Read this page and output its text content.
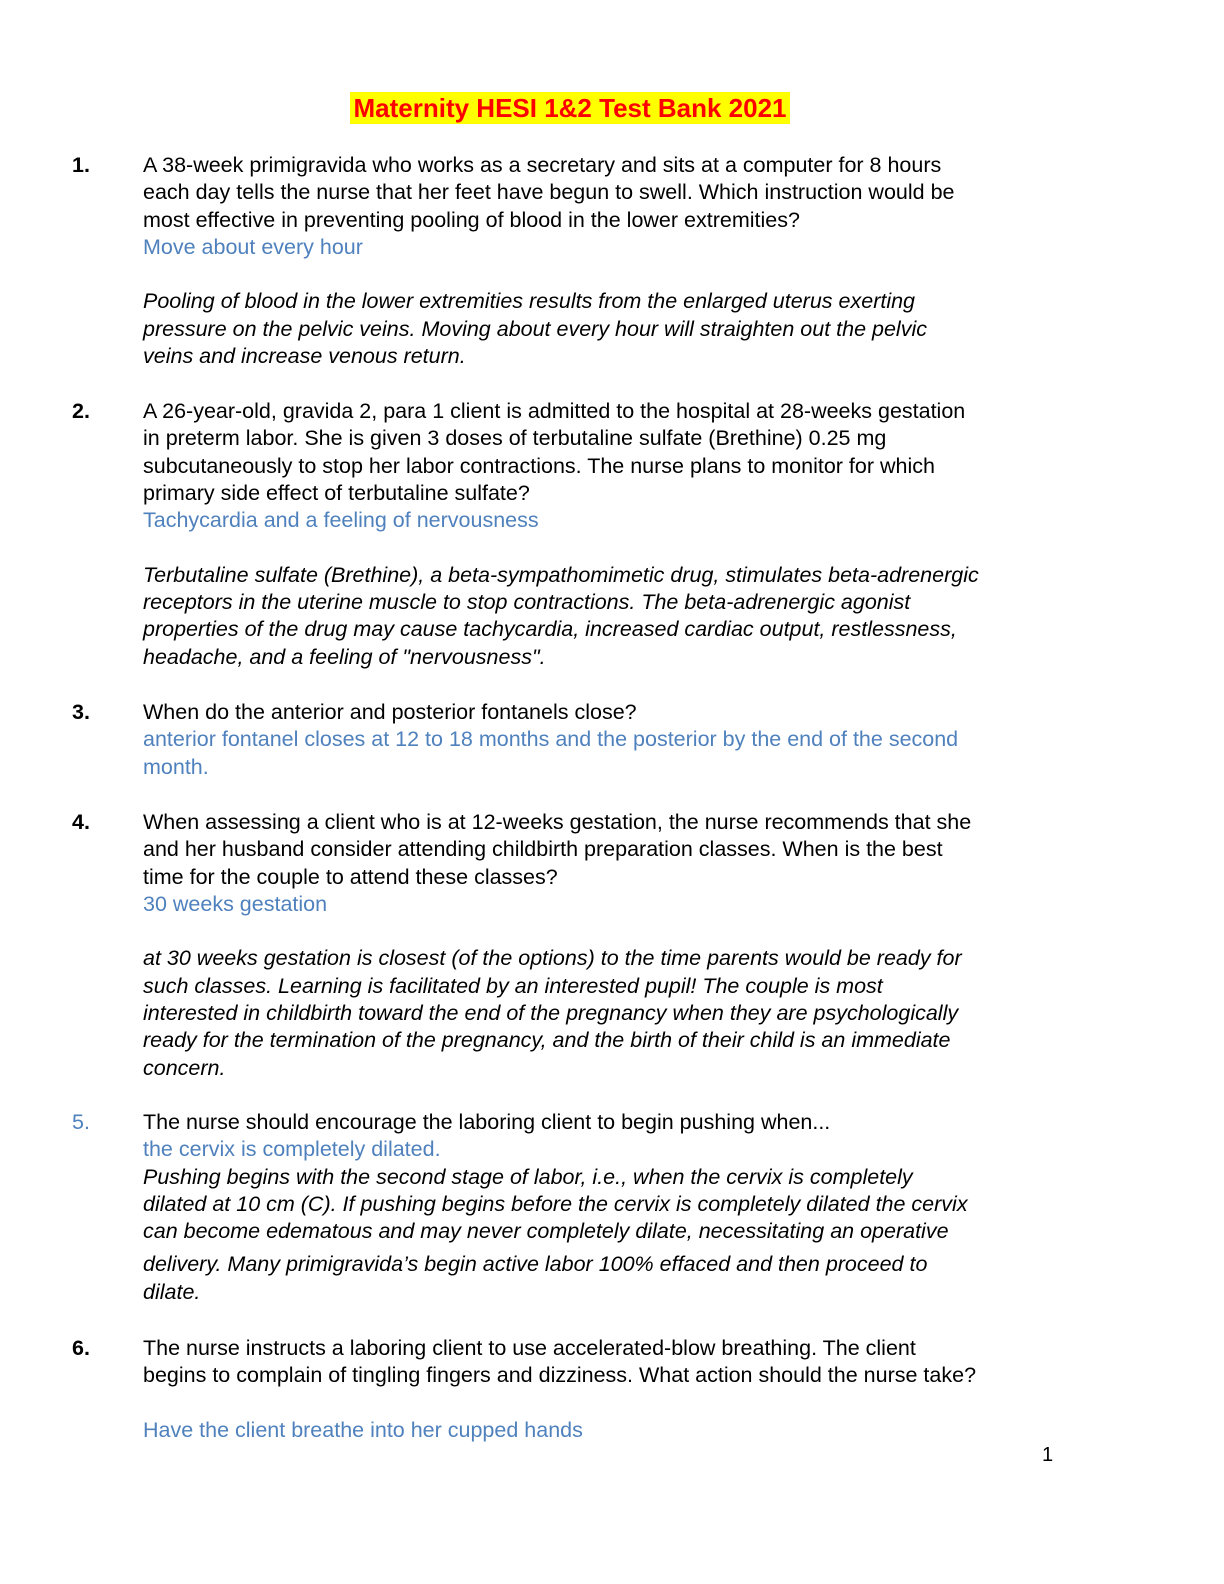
Maternity HESI 1&2 Test Bank 2021
1. A 38-week primigravida who works as a secretary and sits at a computer for 8 hours
each day tells the nurse that her feet have begun to swell. Which instruction would be
most effective in preventing pooling of blood in the lower extremities?
Move about every hour
Pooling of blood in the lower extremities results from the enlarged uterus exerting
pressure on the pelvic veins. Moving about every hour will straighten out the pelvic
veins and increase venous return.
2. A 26-year-old, gravida 2, para 1 client is admitted to the hospital at 28-weeks gestation
in preterm labor. She is given 3 doses of terbutaline sulfate (Brethine) 0.25 mg
subcutaneously to stop her labor contractions. The nurse plans to monitor for which
primary side effect of terbutaline sulfate?
Tachycardia and a feeling of nervousness
Terbutaline sulfate (Brethine), a beta-sympathomimetic drug, stimulates beta-adrenergic
receptors in the uterine muscle to stop contractions. The beta-adrenergic agonist
properties of the drug may cause tachycardia, increased cardiac output, restlessness,
headache, and a feeling of "nervousness".
3. When do the anterior and posterior fontanels close?
anterior fontanel closes at 12 to 18 months and the posterior by the end of the second
month.
4. When assessing a client who is at 12-weeks gestation, the nurse recommends that she
and her husband consider attending childbirth preparation classes. When is the best
time for the couple to attend these classes?
30 weeks gestation
at 30 weeks gestation is closest (of the options) to the time parents would be ready for
such classes. Learning is facilitated by an interested pupil! The couple is most
interested in childbirth toward the end of the pregnancy when they are psychologically
ready for the termination of the pregnancy, and the birth of their child is an immediate
concern.
5. The nurse should encourage the laboring client to begin pushing when...
the cervix is completely dilated.
Pushing begins with the second stage of labor, i.e., when the cervix is completely
dilated at 10 cm (C). If pushing begins before the cervix is completely dilated the cervix
can become edematous and may never completely dilate, necessitating an operative
delivery. Many primigravida’s begin active labor 100% effaced and then proceed to
dilate.
6. The nurse instructs a laboring client to use accelerated-blow breathing. The client
begins to complain of tingling fingers and dizziness. What action should the nurse take?
Have the client breathe into her cupped hands
1
